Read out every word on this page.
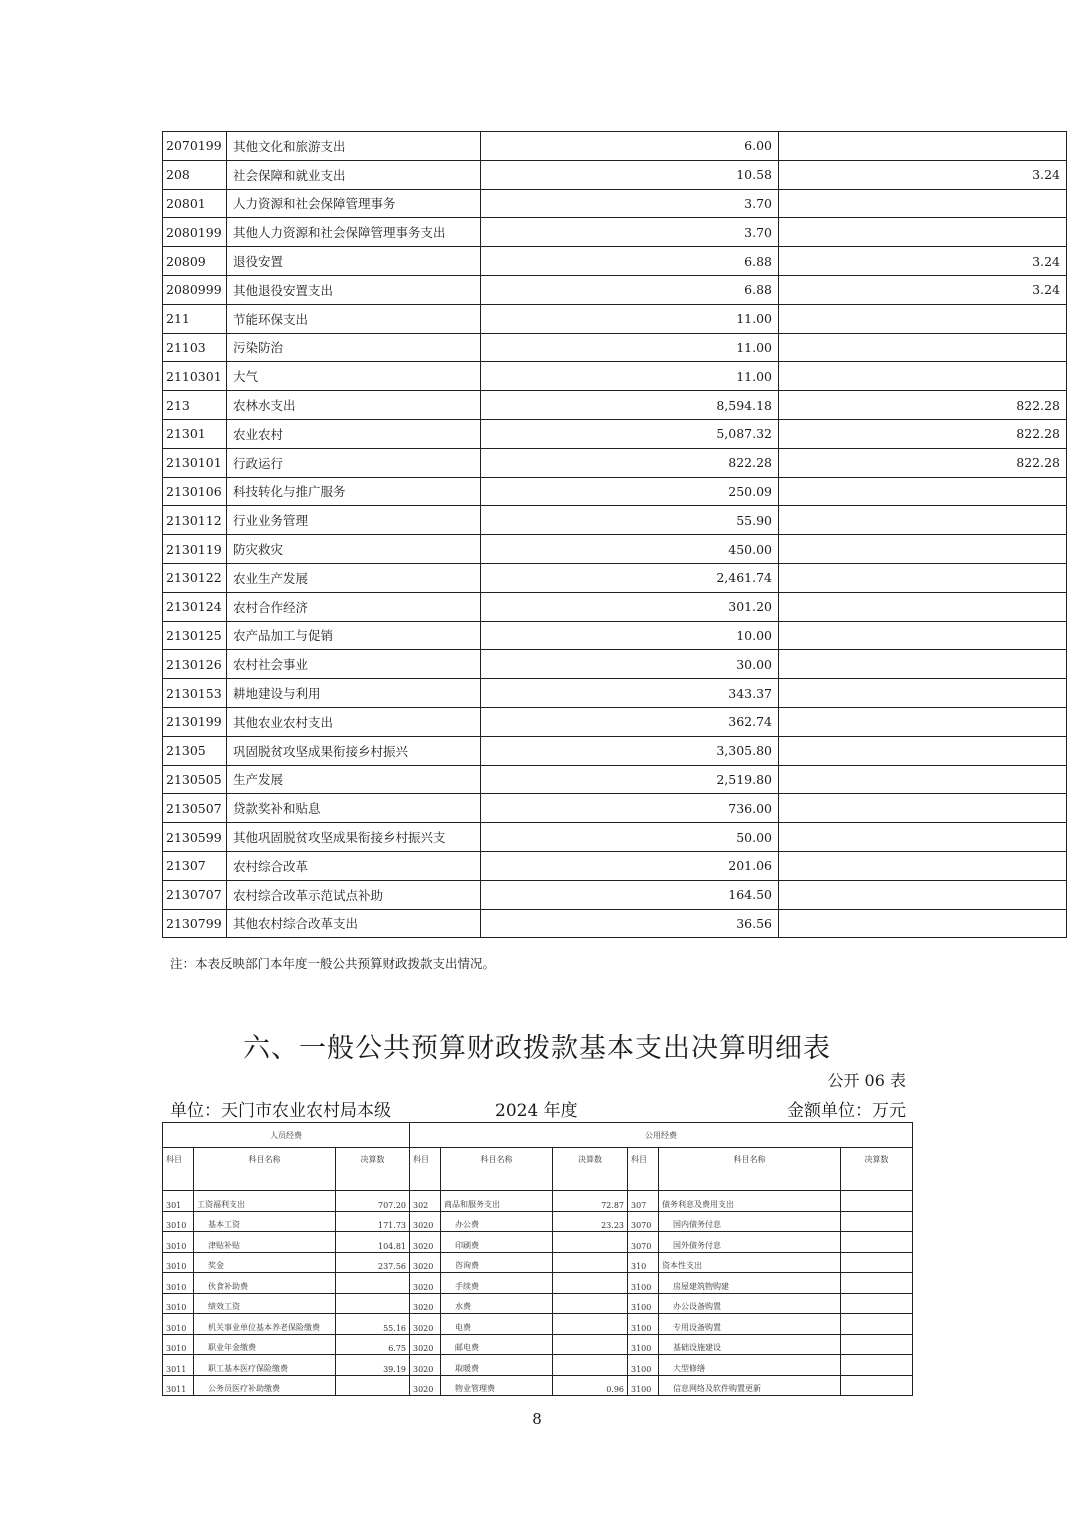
2070199	其他文化和旅游支出	6.00		
208	社会保障和就业支出	10.58	3.24	
20801	人力资源和社会保障管理事务	3.70		
2080199	其他人力资源和社会保障管理事务支出	3.70		
20809	退役安置	6.88	3.24	
2080999	其他退役安置支出	6.88	3.24	
211	节能环保支出	11.00		
21103	污染防治	11.00		
2110301	大气	11.00		
213	农林水支出	8,594.18	822.28	
21301	农业农村	5,087.32	822.28	
2130101	行政运行	822.28	822.28	
2130106	科技转化与推广服务	250.09		
2130112	行业业务管理	55.90		
2130119	防灾救灾	450.00		
2130122	农业生产发展	2,461.74		
2130124	农村合作经济	301.20		
2130125	农产品加工与促销	10.00		
2130126	农村社会事业	30.00		
2130153	耕地建设与利用	343.37		
2130199	其他农业农村支出	362.74		
21305	巩固脱贫攻坚成果衔接乡村振兴	3,305.80		
2130505	生产发展	2,519.80		
2130507	贷款奖补和贴息	736.00		
2130599	其他巩固脱贫攻坚成果衔接乡村振兴支	50.00		
21307	农村综合改革	201.06		
2130707	农村综合改革示范试点补助	164.50		
2130799	其他农村综合改革支出	36.56		
注：本表反映部门本年度一般公共预算财政拨款支出情况。
六、一般公共预算财政拨款基本支出决算明细表
公开 06 表
单位：天门市农业农村局本级	2024 年度	金额单位：万元
人员经费			公用经费					
科目	科目名称	决算数	科目	科目名称	决算数	科目	科目名称	决算数
301	工资福利支出	707.20	302	商品和服务支出	72.87	307	债务利息及费用支出	
3010	基本工资	171.73	3020	办公费	23.23	3070	国内债务付息	
3010	津贴补贴	104.81	3020	印刷费		3070	国外债务付息	
3010	奖金	237.56	3020	咨询费		310	资本性支出	
3010	伙食补助费		3020	手续费		3100	房屋建筑物购建	
3010	绩效工资		3020	水费		3100	办公设备购置	
3010	机关事业单位基本养老保险缴费	55.16	3020	电费		3100	专用设备购置	
3010	职业年金缴费	6.75	3020	邮电费		3100	基础设施建设	
3011	职工基本医疗保险缴费	39.19	3020	取暖费		3100	大型修缮	
3011	公务员医疗补助缴费		3020	物业管理费	0.96	3100	信息网络及软件购置更新	
8
